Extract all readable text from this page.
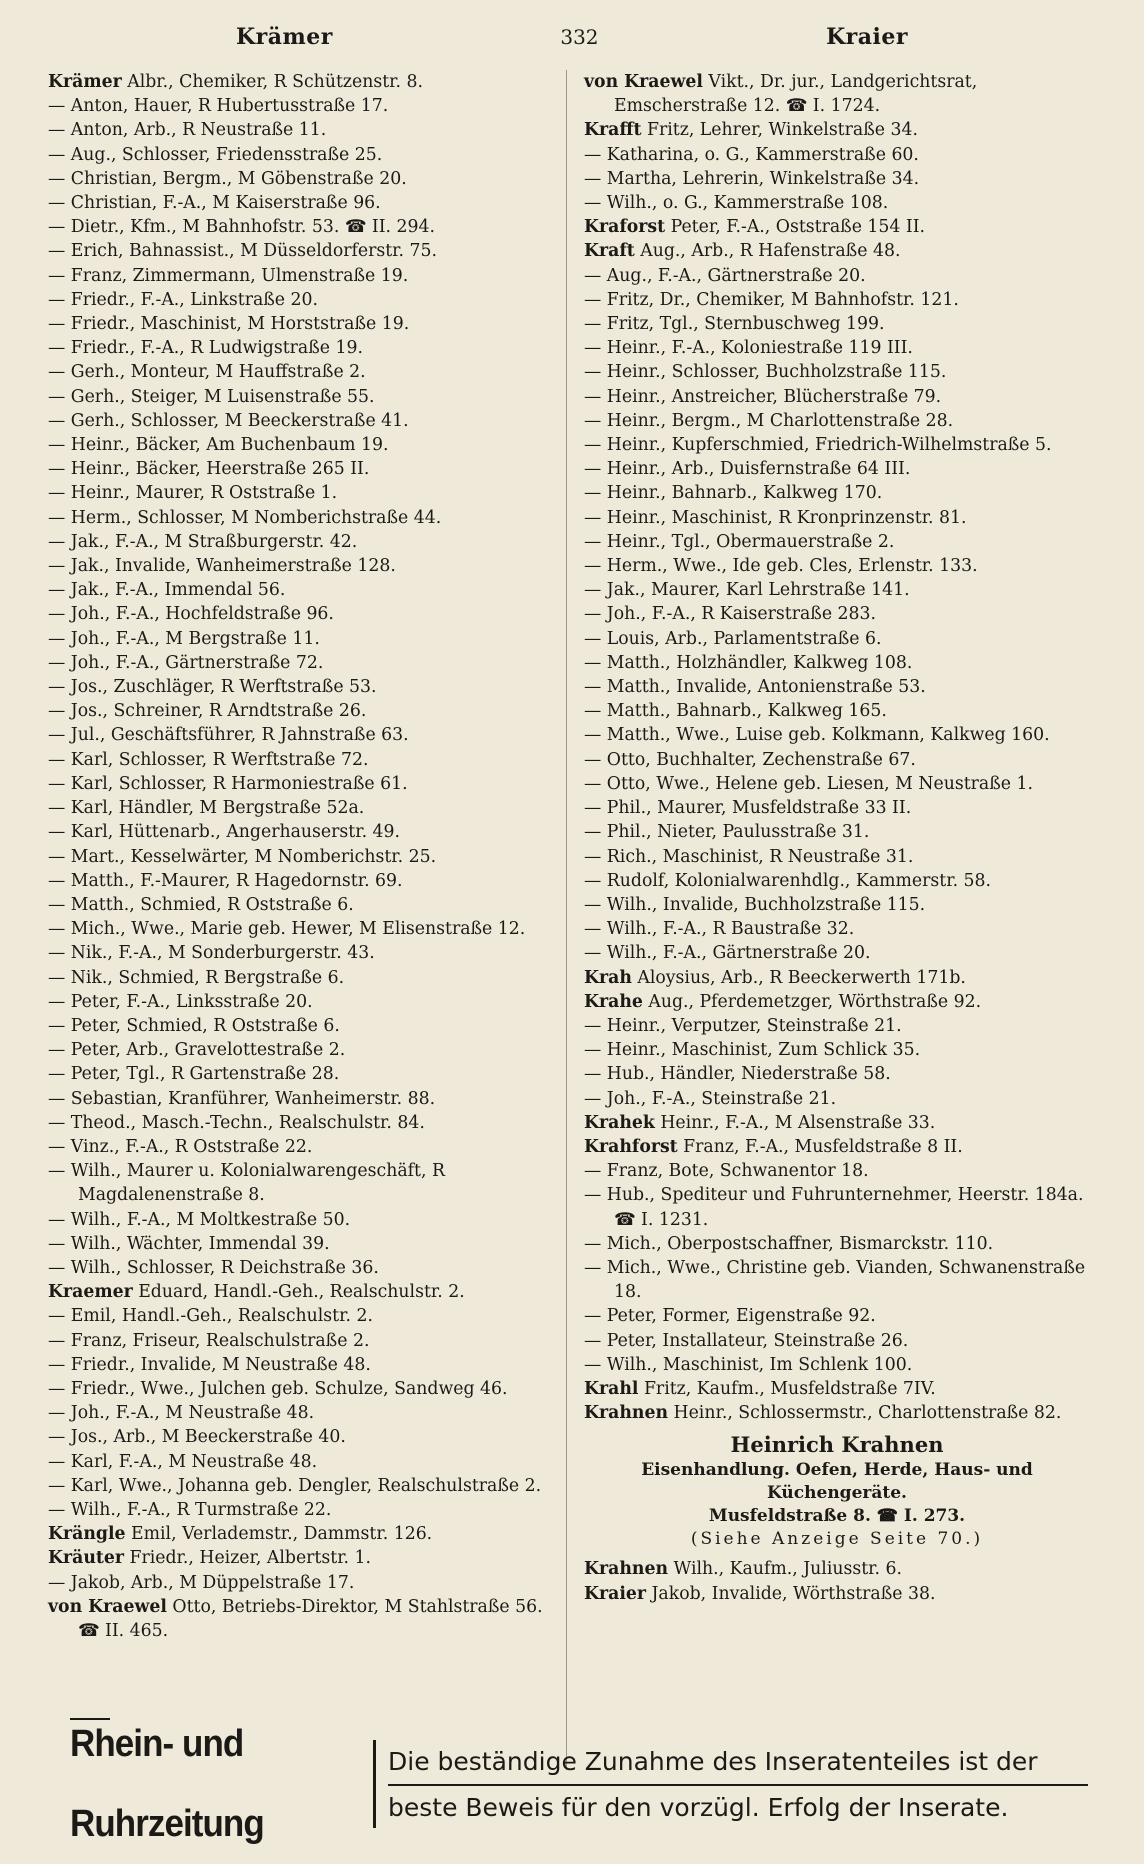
Krämer	332	Kraier

Krämer Albr., Chemiker, R Schützenstr. 8.

— Anton, Hauer, R Hubertusstraße 17.

— Anton, Arb., R Neustraße 11.

— Aug., Schlosser, Friedensstraße 25.

— Christian, Bergm., M Göbenstraße 20.

— Christian, F.-A., M Kaiserstraße 96.

— Dietr., Kfm., M Bahnhofstr. 53. ☎ II. 294.

— Erich, Bahnassist., M Düsseldorferstr. 75.

— Franz, Zimmermann, Ulmenstraße 19.

— Friedr., F.-A., Linkstraße 20.

— Friedr., Maschinist, M Horststraße 19.

— Friedr., F.-A., R Ludwigstraße 19.

— Gerh., Monteur, M Hauffstraße 2.

— Gerh., Steiger, M Luisenstraße 55.

— Gerh., Schlosser, M Beeckerstraße 41.

— Heinr., Bäcker, Am Buchenbaum 19.

— Heinr., Bäcker, Heerstraße 265 II.

— Heinr., Maurer, R Oststraße 1.

— Herm., Schlosser, M Nomberichstraße 44.

— Jak., F.-A., M Straßburgerstr. 42.

— Jak., Invalide, Wanheimerstraße 128.

— Jak., F.-A., Immendal 56.

— Joh., F.-A., Hochfeldstraße 96.

— Joh., F.-A., M Bergstraße 11.

— Joh., F.-A., Gärtnerstraße 72.

— Jos., Zuschläger, R Werftstraße 53.

— Jos., Schreiner, R Arndtstraße 26.

— Jul., Geschäftsführer, R Jahnstraße 63.

— Karl, Schlosser, R Werftstraße 72.

— Karl, Schlosser, R Harmoniestraße 61.

— Karl, Händler, M Bergstraße 52a.

— Karl, Hüttenarb., Angerhauserstr. 49.

— Mart., Kesselwärter, M Nomberichstr. 25.

— Matth., F.-Maurer, R Hagedornstr. 69.

— Matth., Schmied, R Oststraße 6.

— Mich., Wwe., Marie geb. Hewer, M Elisenstraße 12.

— Nik., F.-A., M Sonderburgerstr. 43.

— Nik., Schmied, R Bergstraße 6.

— Peter, F.-A., Linksstraße 20.

— Peter, Schmied, R Oststraße 6.

— Peter, Arb., Gravelottestraße 2.

— Peter, Tgl., R Gartenstraße 28.

— Sebastian, Kranführer, Wanheimerstr. 88.

— Theod., Masch.-Techn., Realschulstr. 84.

— Vinz., F.-A., R Oststraße 22.

— Wilh., Maurer u. Kolonialwarengeschäft, R Magdalenenstraße 8.

— Wilh., F.-A., M Moltkestraße 50.

— Wilh., Wächter, Immendal 39.

— Wilh., Schlosser, R Deichstraße 36.

Kraemer Eduard, Handl.-Geh., Realschulstr. 2.

— Emil, Handl.-Geh., Realschulstr. 2.

— Franz, Friseur, Realschulstraße 2.

— Friedr., Invalide, M Neustraße 48.

— Friedr., Wwe., Julchen geb. Schulze, Sandweg 46.

— Joh., F.-A., M Neustraße 48.

— Jos., Arb., M Beeckerstraße 40.

— Karl, F.-A., M Neustraße 48.

— Karl, Wwe., Johanna geb. Dengler, Realschulstraße 2.

— Wilh., F.-A., R Turmstraße 22.

Krängle Emil, Verlademstr., Dammstr. 126.

Kräuter Friedr., Heizer, Albertstr. 1.

— Jakob, Arb., M Düppelstraße 17.

von Kraewel Otto, Betriebs-Direktor, M Stahlstraße 56. ☎ II. 465.

von Kraewel Vikt., Dr. jur., Landgerichtsrat, Emscherstraße 12. ☎ I. 1724.

Krafft Fritz, Lehrer, Winkelstraße 34.

— Katharina, o. G., Kammerstraße 60.

— Martha, Lehrerin, Winkelstraße 34.

— Wilh., o. G., Kammerstraße 108.

Kraforst Peter, F.-A., Oststraße 154 II.

Kraft Aug., Arb., R Hafenstraße 48.

— Aug., F.-A., Gärtnerstraße 20.

— Fritz, Dr., Chemiker, M Bahnhofstr. 121.

— Fritz, Tgl., Sternbuschweg 199.

— Heinr., F.-A., Koloniestraße 119 III.

— Heinr., Schlosser, Buchholzstraße 115.

— Heinr., Anstreicher, Blücherstraße 79.

— Heinr., Bergm., M Charlottenstraße 28.

— Heinr., Kupferschmied, Friedrich-Wilhelmstraße 5.

— Heinr., Arb., Duisfernstraße 64 III.

— Heinr., Bahnarb., Kalkweg 170.

— Heinr., Maschinist, R Kronprinzenstr. 81.

— Heinr., Tgl., Obermauerstraße 2.

— Herm., Wwe., Ide geb. Cles, Erlenstr. 133.

— Jak., Maurer, Karl Lehrstraße 141.

— Joh., F.-A., R Kaiserstraße 283.

— Louis, Arb., Parlamentstraße 6.

— Matth., Holzhändler, Kalkweg 108.

— Matth., Invalide, Antonienstraße 53.

— Matth., Bahnarb., Kalkweg 165.

— Matth., Wwe., Luise geb. Kolkmann, Kalkweg 160.

— Otto, Buchhalter, Zechenstraße 67.

— Otto, Wwe., Helene geb. Liesen, M Neustraße 1.

— Phil., Maurer, Musfeldstraße 33 II.

— Phil., Nieter, Paulusstraße 31.

— Rich., Maschinist, R Neustraße 31.

— Rudolf, Kolonialwarenhdlg., Kammerstr. 58.

— Wilh., Invalide, Buchholzstraße 115.

— Wilh., F.-A., R Baustraße 32.

— Wilh., F.-A., Gärtnerstraße 20.

Krah Aloysius, Arb., R Beeckerwerth 171b.

Krahe Aug., Pferdemetzger, Wörthstraße 92.

— Heinr., Verputzer, Steinstraße 21.

— Heinr., Maschinist, Zum Schlick 35.

— Hub., Händler, Niederstraße 58.

— Joh., F.-A., Steinstraße 21.

Krahek Heinr., F.-A., M Alsenstraße 33.

Krahforst Franz, F.-A., Musfeldstraße 8 II.

— Franz, Bote, Schwanentor 18.

— Hub., Spediteur und Fuhrunternehmer, Heerstr. 184a. ☎ I. 1231.

— Mich., Oberpostschaffner, Bismarckstr. 110.

— Mich., Wwe., Christine geb. Vianden, Schwanenstraße 18.

— Peter, Former, Eigenstraße 92.

— Peter, Installateur, Steinstraße 26.

— Wilh., Maschinist, Im Schlenk 100.

Krahl Fritz, Kaufm., Musfeldstraße 7IV.

Krahnen Heinr., Schlossermstr., Charlottenstraße 82.

Heinrich Krahnen
Eisenhandlung. Oefen, Herde, Haus- und
Küchengeräte.
Musfeldstraße 8. ☎ I. 273.
(Siehe Anzeige Seite 70.)

Krahnen Wilh., Kaufm., Juliusstr. 6.

Kraier Jakob, Invalide, Wörthstraße 38.

Rhein- und Ruhrzeitung
Die beständige Zunahme des Inseratenteiles ist der
beste Beweis für den vorzügl. Erfolg der Inserate.
